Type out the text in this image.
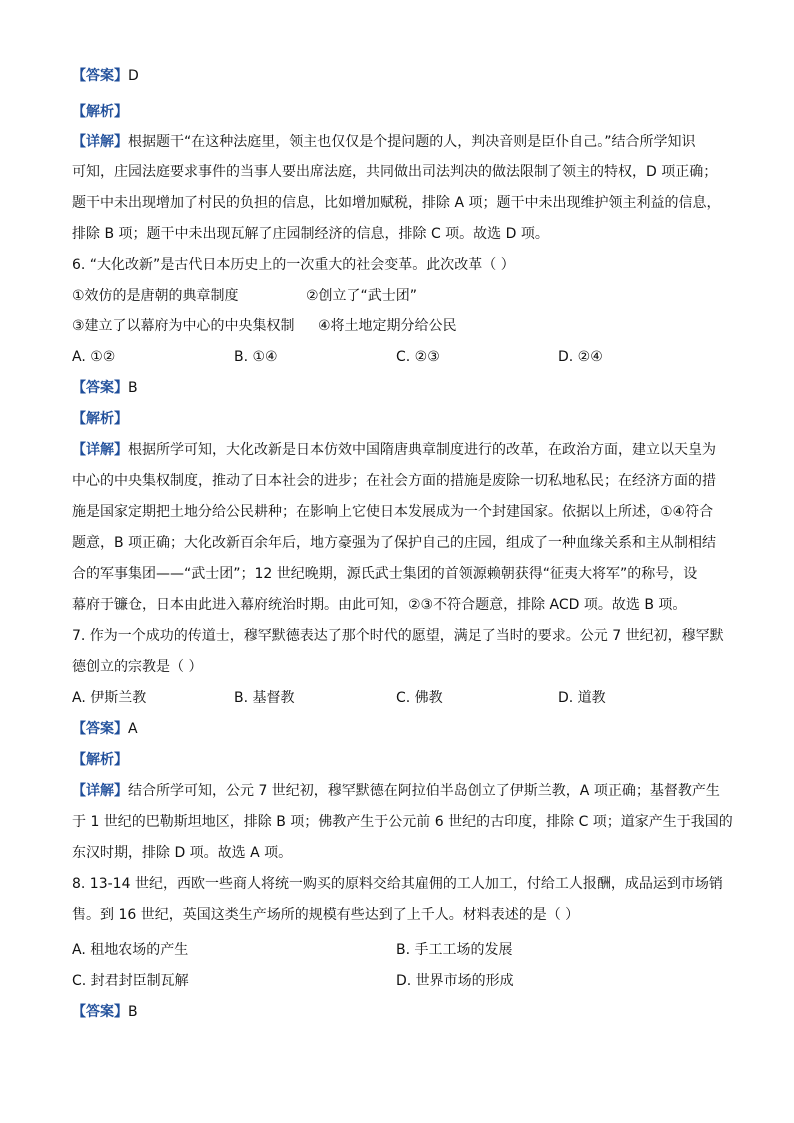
【答案】D
【解析】
【详解】根据题干“在这种法庭里，领主也仅仅是个提问题的人，判决音则是臣仆自己。”结合所学知识
可知，庄园法庭要求事件的当事人要出席法庭，共同做出司法判决的做法限制了领主的特权，D 项正确；
题干中未出现增加了村民的负担的信息，比如增加赋税，排除 A 项；题干中未出现维护领主利益的信息，
排除 B 项；题干中未出现瓦解了庄园制经济的信息，排除 C 项。故选 D 项。
6. “大化改新”是古代日本历史上的一次重大的社会变革。此次改革（ ）
①效仿的是唐朝的典章制度	②创立了“武士团”
③建立了以幕府为中心的中央集权制 ④将土地定期分给公民
A. ①②	B. ①④	C. ②③	D. ②④
【答案】B
【解析】
【详解】根据所学可知，大化改新是日本仿效中国隋唐典章制度进行的改革，在政治方面，建立以天皇为
中心的中央集权制度，推动了日本社会的进步；在社会方面的措施是废除一切私地私民；在经济方面的措
施是国家定期把土地分给公民耕种；在影响上它使日本发展成为一个封建国家。依据以上所述，①④符合
题意，B 项正确；大化改新百余年后，地方豪强为了保护自己的庄园，组成了一种血缘关系和主从制相结
合的军事集团——“武士团”；12 世纪晚期，源氏武士集团的首领源赖朝获得“征夷大将军”的称号，设
幕府于镰仓，日本由此进入幕府统治时期。由此可知，②③不符合题意，排除 ACD 项。故选 B 项。
7. 作为一个成功的传道士，穆罕默德表达了那个时代的愿望，满足了当时的要求。公元 7 世纪初，穆罕默
德创立的宗教是（ ）
A. 伊斯兰教	B. 基督教	C. 佛教	D. 道教
【答案】A
【解析】
【详解】结合所学可知，公元 7 世纪初，穆罕默德在阿拉伯半岛创立了伊斯兰教，A 项正确；基督教产生
于 1 世纪的巴勒斯坦地区，排除 B 项；佛教产生于公元前 6 世纪的古印度，排除 C 项；道家产生于我国的
东汉时期，排除 D 项。故选 A 项。
8. 13-14 世纪，西欧一些商人将统一购买的原料交给其雇佣的工人加工，付给工人报酬，成品运到市场销
售。到 16 世纪，英国这类生产场所的规模有些达到了上千人。材料表述的是（ ）
A. 租地农场的产生	B. 手工工场的发展
C. 封君封臣制瓦解	D. 世界市场的形成
【答案】B
